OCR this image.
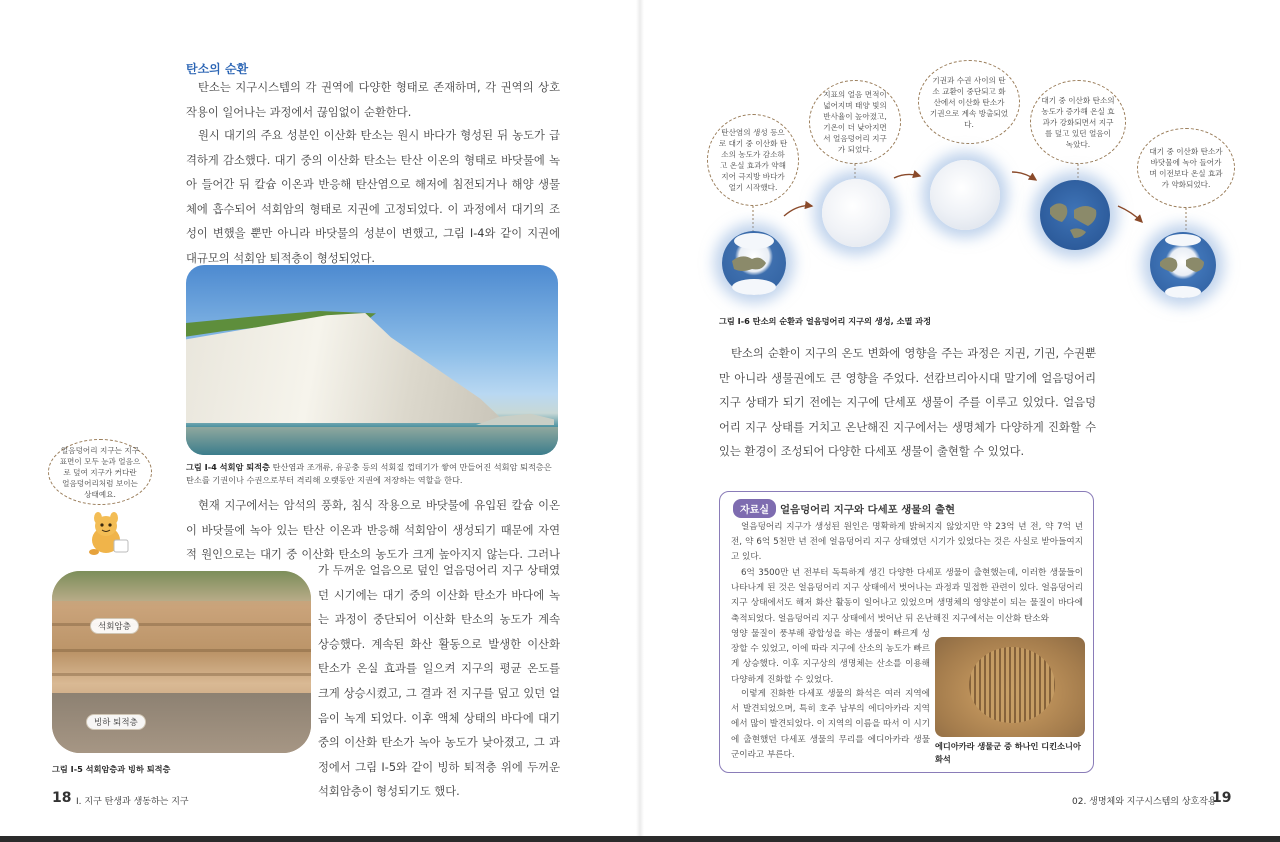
탄소의 순환
탄소는 지구시스템의 각 권역에 다양한 형태로 존재하며, 각 권역의 상호작용이 일어나는 과정에서 끊임없이 순환한다.
원시 대기의 주요 성분인 이산화 탄소는 원시 바다가 형성된 뒤 농도가 급격하게 감소했다. 대기 중의 이산화 탄소는 탄산 이온의 형태로 바닷물에 녹아 들어간 뒤 칼슘 이온과 반응해 탄산염으로 해저에 침전되거나 해양 생물체에 흡수되어 석회암의 형태로 지권에 고정되었다. 이 과정에서 대기의 조성이 변했을 뿐만 아니라 바닷물의 성분이 변했고, 그림 I-4와 같이 지권에 대규모의 석회암 퇴적층이 형성되었다.
그림 I-4 석회암 퇴적층 탄산염과 조개류, 유공충 등의 석회질 껍데기가 쌓여 만들어진 석회암 퇴적층은 탄소를 기권이나 수권으로부터 격리해 오랫동안 지권에 저장하는 역할을 한다.
얼음덩어리 지구는 지구 표면이 모두 눈과 얼음으로 덮여 지구가 커다란 얼음덩어리처럼 보이는 상태예요.
현재 지구에서는 암석의 풍화, 침식 작용으로 바닷물에 유입된 칼슘 이온이 바닷물에 녹아 있는 탄산 이온과 반응해 석회암이 생성되기 때문에 자연적 원인으로는 대기 중 이산화 탄소의 농도가 크게 높아지지 않는다. 그러나
가 두꺼운 얼음으로 덮인 얼음덩어리 지구 상태였던 시기에는 대기 중의 이산화 탄소가 바다에 녹는 과정이 중단되어 이산화 탄소의 농도가 계속 상승했다. 계속된 화산 활동으로 발생한 이산화 탄소가 온실 효과를 일으켜 지구의 평균 온도를 크게 상승시켰고, 그 결과 전 지구를 덮고 있던 얼음이 녹게 되었다. 이후 액체 상태의 바다에 대기 중의 이산화 탄소가 녹아 농도가 낮아졌고, 그 과정에서 그림 I-5와 같이 빙하 퇴적층 위에 두꺼운 석회암층이 형성되기도 했다.
석회암층
빙하 퇴적층
그림 I-5 석회암층과 빙하 퇴적층
18 I. 지구 탄생과 생동하는 지구
탄산염의 생성 등으로 대기 중 이산화 탄소의 농도가 감소하고 온실 효과가 약해지어 극지방 바다가 얼기 시작했다.
지표의 얼음 면적이 넓어지며 태양 빛의 반사율이 높아졌고, 기온이 더 낮아지면서 얼음덩어리 지구가 되었다.
기권과 수권 사이의 탄소 교환이 중단되고 화산에서 이산화 탄소가 기권으로 계속 방출되었다.
대기 중 이산화 탄소의 농도가 증가해 온실 효과가 강화되면서 지구를 덮고 있던 얼음이 녹았다.
대기 중 이산화 탄소가 바닷물에 녹아 들어가며 이전보다 온실 효과가 약화되었다.
그림 I-6 탄소의 순환과 얼음덩어리 지구의 생성, 소멸 과정
탄소의 순환이 지구의 온도 변화에 영향을 주는 과정은 지권, 기권, 수권뿐만 아니라 생물권에도 큰 영향을 주었다. 선캄브리아시대 말기에 얼음덩어리 지구 상태가 되기 전에는 지구에 단세포 생물이 주를 이루고 있었다. 얼음덩어리 지구 상태를 거치고 온난해진 지구에서는 생명체가 다양하게 진화할 수 있는 환경이 조성되어 다양한 다세포 생물이 출현할 수 있었다.
자료실	얼음덩어리 지구와 다세포 생물의 출현
얼음덩어리 지구가 생성된 원인은 명확하게 밝혀지지 않았지만 약 23억 년 전, 약 7억 년 전, 약 6억 5천만 년 전에 얼음덩어리 지구 상태였던 시기가 있었다는 것은 사실로 받아들여지고 있다.
6억 3500만 년 전부터 독특하게 생긴 다양한 다세포 생물이 출현했는데, 이러한 생물들이 나타나게 된 것은 얼음덩어리 지구 상태에서 벗어나는 과정과 밀접한 관련이 있다. 얼음덩어리 지구 상태에서도 해저 화산 활동이 일어나고 있었으며 생명체의 영양분이 되는 물질이 바다에 축적되었다. 얼음덩어리 지구 상태에서 벗어난 뒤 온난해진 지구에서는 이산화 탄소와
영양 물질이 풍부해 광합성을 하는 생물이 빠르게 성장할 수 있었고, 이에 따라 지구에 산소의 농도가 빠르게 상승했다. 이후 지구상의 생명체는 산소를 이용해 다양하게 진화할 수 있었다.
이렇게 진화한 다세포 생물의 화석은 여러 지역에서 발견되었으며, 특히 호주 남부의 에디아카라 지역에서 많이 발견되었다. 이 지역의 이름을 따서 이 시기에 출현했던 다세포 생물의 무리를 에디아카라 생물군이라고 부른다.
에디아카라 생물군 중 하나인 디킨소니아 화석
02. 생명체와 지구시스템의 상호작용
19
